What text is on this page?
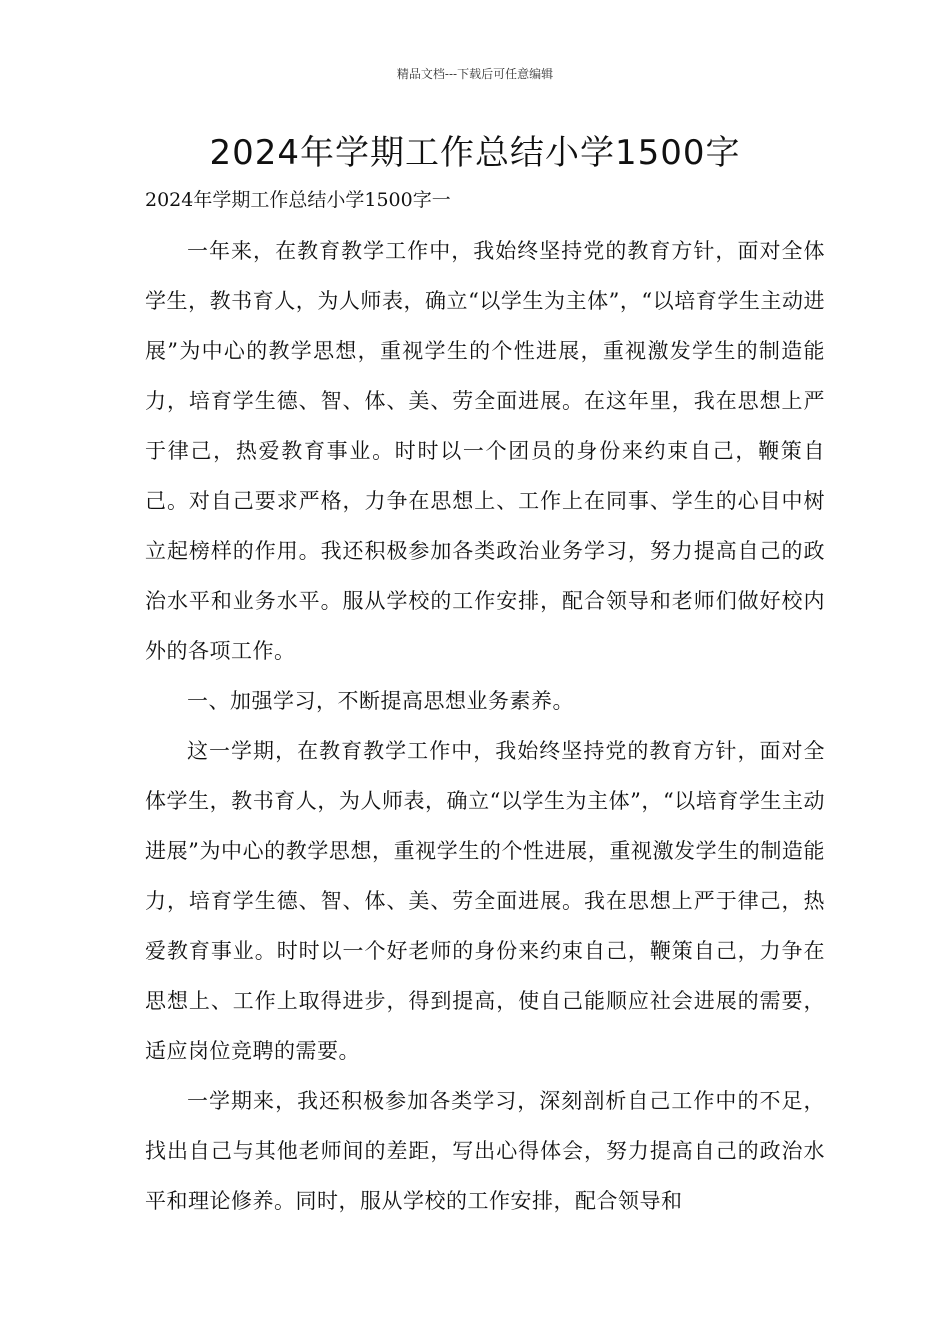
精品文档---下载后可任意编辑
2024年学期工作总结小学1500字
2024年学期工作总结小学1500字一

一年来，在教育教学工作中，我始终坚持党的教育方针，面对全体学生，教书育人，为人师表，确立“以学生为主体”，“以培育学生主动进展”为中心的教学思想，重视学生的个性进展，重视激发学生的制造能力，培育学生德、智、体、美、劳全面进展。在这年里，我在思想上严于律己，热爱教育事业。时时以一个团员的身份来约束自己，鞭策自己。对自己要求严格，力争在思想上、工作上在同事、学生的心目中树立起榜样的作用。我还积极参加各类政治业务学习，努力提高自己的政治水平和业务水平。服从学校的工作安排，配合领导和老师们做好校内外的各项工作。

一、加强学习，不断提高思想业务素养。

这一学期，在教育教学工作中，我始终坚持党的教育方针，面对全体学生，教书育人，为人师表，确立“以学生为主体”，“以培育学生主动进展”为中心的教学思想，重视学生的个性进展，重视激发学生的制造能力，培育学生德、智、体、美、劳全面进展。我在思想上严于律己，热爱教育事业。时时以一个好老师的身份来约束自己，鞭策自己，力争在思想上、工作上取得进步，得到提高，使自己能顺应社会进展的需要，适应岗位竞聘的需要。

一学期来，我还积极参加各类学习，深刻剖析自己工作中的不足，找出自己与其他老师间的差距，写出心得体会，努力提高自己的政治水平和理论修养。同时，服从学校的工作安排，配合领导和
